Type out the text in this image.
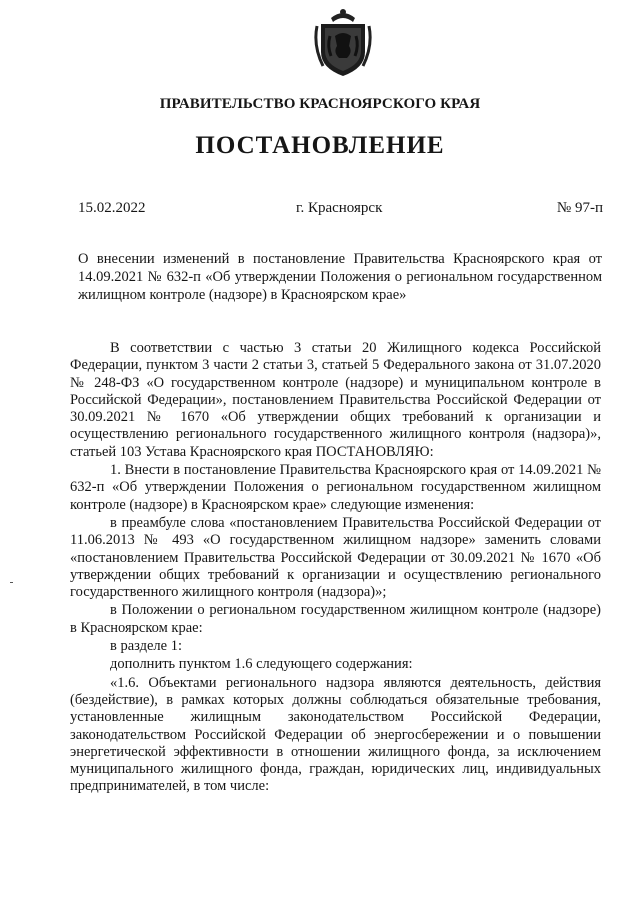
ПРАВИТЕЛЬСТВО КРАСНОЯРСКОГО КРАЯ
ПОСТАНОВЛЕНИЕ
15.02.2022	г. Красноярск	№ 97-п
О внесении изменений в постановление Правительства Красноярского края от 14.09.2021 № 632-п «Об утверждении Положения о региональном государственном жилищном контроле (надзоре) в Красноярском крае»

В соответствии с частью 3 статьи 20 Жилищного кодекса Российской Федерации, пунктом 3 части 2 статьи 3, статьей 5 Федерального закона от 31.07.2020 № 248-ФЗ «О государственном контроле (надзоре) и муниципальном контроле в Российской Федерации», постановлением Правительства Российской Федерации от 30.09.2021 № 1670 «Об утверждении общих требований к организации и осуществлению регионального государственного жилищного контроля (надзора)», статьей 103 Устава Красноярского края ПОСТАНОВЛЯЮ:

1. Внести в постановление Правительства Красноярского края от 14.09.2021 № 632-п «Об утверждении Положения о региональном государственном жилищном контроле (надзоре) в Красноярском крае» следующие изменения:

в преамбуле слова «постановлением Правительства Российской Федерации от 11.06.2013 № 493 «О государственном жилищном надзоре» заменить словами «постановлением Правительства Российской Федерации от 30.09.2021 № 1670 «Об утверждении общих требований к организации и осуществлению регионального государственного жилищного контроля (надзора)»;

в Положении о региональном государственном жилищном контроле (надзоре) в Красноярском крае:

в разделе 1:

дополнить пунктом 1.6 следующего содержания:

«1.6. Объектами регионального надзора являются деятельность, действия (бездействие), в рамках которых должны соблюдаться обязательные требования, установленные жилищным законодательством Российской Федерации, законодательством Российской Федерации об энергосбережении и о повышении энергетической эффективности в отношении жилищного фонда, за исключением муниципального жилищного фонда, граждан, юридических лиц, индивидуальных предпринимателей, в том числе:
